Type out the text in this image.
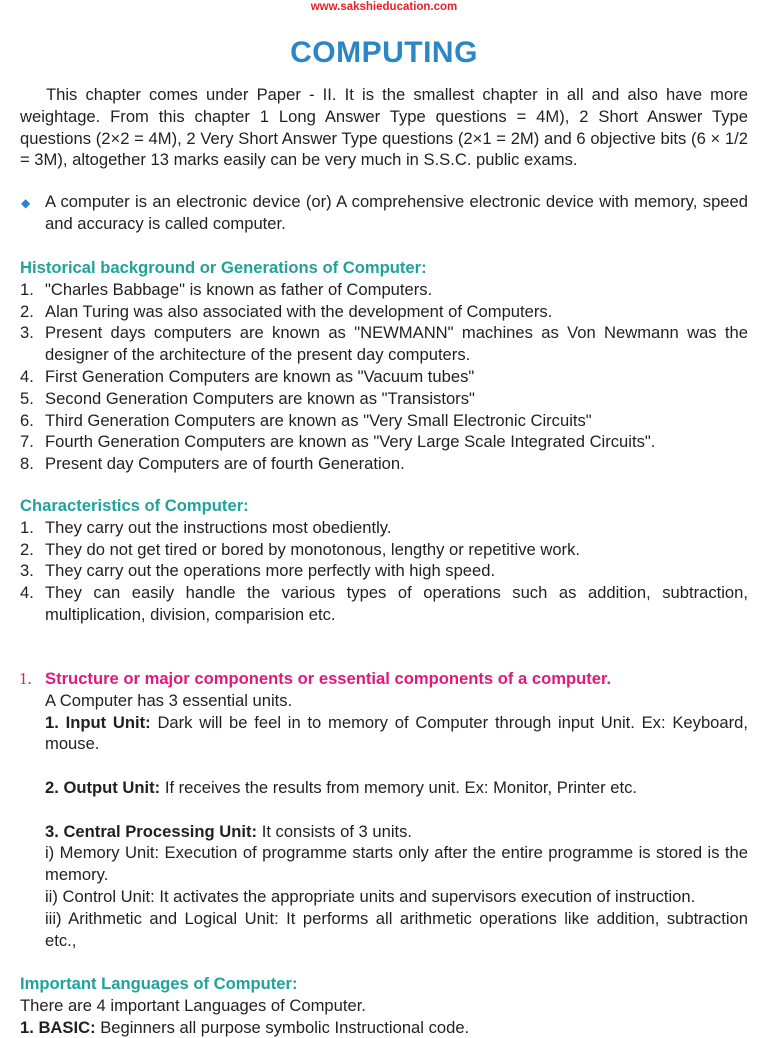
www.sakshieducation.com
COMPUTING
This chapter comes under Paper - II. It is the smallest chapter in all and also have more weightage. From this chapter 1 Long Answer Type questions = 4M), 2 Short Answer Type questions (2×2 = 4M), 2 Very Short Answer Type questions (2×1 = 2M) and 6 objective bits (6 × 1/2 = 3M), altogether 13 marks easily can be very much in S.S.C. public exams.
◆ A computer is an electronic device (or) A comprehensive electronic device with memory, speed and accuracy is called computer.
Historical background or Generations of Computer:
1. "Charles Babbage" is known as father of Computers.
2. Alan Turing was also associated with the development of Computers.
3. Present days computers are known as "NEWMANN" machines as Von Newmann was the designer of the architecture of the present day computers.
4. First Generation Computers are known as "Vacuum tubes"
5. Second Generation Computers are known as "Transistors"
6. Third Generation Computers are known as "Very Small Electronic Circuits"
7. Fourth Generation Computers are known as "Very Large Scale Integrated Circuits".
8. Present day Computers are of fourth Generation.
Characteristics of Computer:
1. They carry out the instructions most obediently.
2. They do not get tired or bored by monotonous, lengthy or repetitive work.
3. They carry out the operations more perfectly with high speed.
4. They can easily handle the various types of operations such as addition, subtraction, multiplication, division, comparision etc.
1. Structure or major components or essential components of a computer.
A Computer has 3 essential units.
1. Input Unit: Dark will be feel in to memory of Computer through input Unit. Ex: Keyboard, mouse.
2. Output Unit: If receives the results from memory unit. Ex: Monitor, Printer etc.
3. Central Processing Unit: It consists of 3 units.
i) Memory Unit: Execution of programme starts only after the entire programme is stored is the memory.
ii) Control Unit: It activates the appropriate units and supervisors execution of instruction.
iii) Arithmetic and Logical Unit: It performs all arithmetic operations like addition, subtraction etc.,
Important Languages of Computer:
There are 4 important Languages of Computer.
1. BASIC: Beginners all purpose symbolic Instructional code.
